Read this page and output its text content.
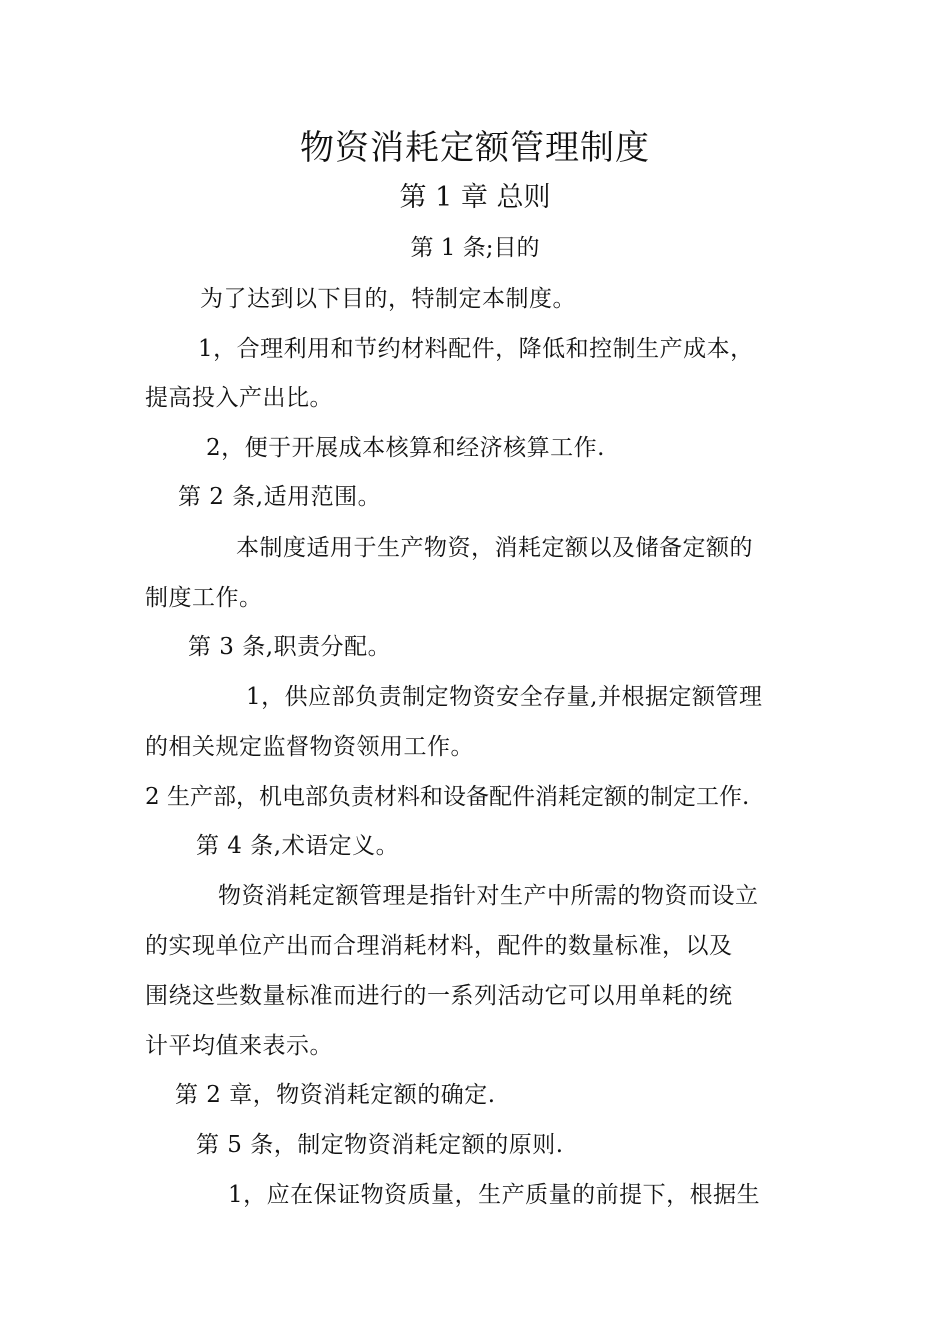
物资消耗定额管理制度
第 1 章 总则
第 1 条;目的
为了达到以下目的，特制定本制度。
1，合理利用和节约材料配件，降低和控制生产成本，
提高投入产出比。
2，便于开展成本核算和经济核算工作.
第 2 条,适用范围。
本制度适用于生产物资，消耗定额以及储备定额的
制度工作。
第 3 条,职责分配。
1，供应部负责制定物资安全存量,并根据定额管理
的相关规定监督物资领用工作。
2 生产部，机电部负责材料和设备配件消耗定额的制定工作.
第 4 条,术语定义。
物资消耗定额管理是指针对生产中所需的物资而设立
的实现单位产出而合理消耗材料，配件的数量标准，以及
围绕这些数量标准而进行的一系列活动它可以用单耗的统
计平均值来表示。
第 2 章，物资消耗定额的确定.
第 5 条，制定物资消耗定额的原则.
1，应在保证物资质量，生产质量的前提下，根据生
